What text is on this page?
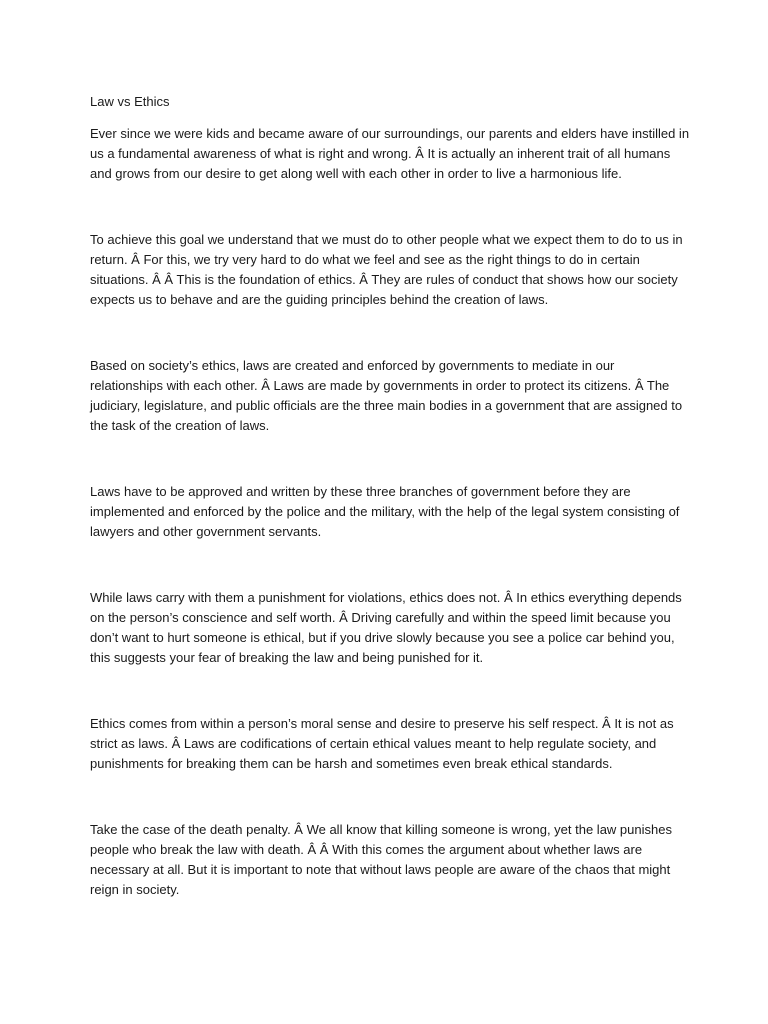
Law vs Ethics

Ever since we were kids and became aware of our surroundings, our parents and elders have instilled in us a fundamental awareness of what is right and wrong. Â It is actually an inherent trait of all humans and grows from our desire to get along well with each other in order to live a harmonious life.

To achieve this goal we understand that we must do to other people what we expect them to do to us in return. Â For this, we try very hard to do what we feel and see as the right things to do in certain situations. Â Â This is the foundation of ethics. Â They are rules of conduct that shows how our society expects us to behave and are the guiding principles behind the creation of laws.

Based on society’s ethics, laws are created and enforced by governments to mediate in our relationships with each other. Â Laws are made by governments in order to protect its citizens. Â The judiciary, legislature, and public officials are the three main bodies in a government that are assigned to the task of the creation of laws.

Laws have to be approved and written by these three branches of government before they are implemented and enforced by the police and the military, with the help of the legal system consisting of lawyers and other government servants.

While laws carry with them a punishment for violations, ethics does not. Â In ethics everything depends on the person’s conscience and self worth. Â Driving carefully and within the speed limit because you don’t want to hurt someone is ethical, but if you drive slowly because you see a police car behind you, this suggests your fear of breaking the law and being punished for it.

Ethics comes from within a person’s moral sense and desire to preserve his self respect. Â It is not as strict as laws. Â Laws are codifications of certain ethical values meant to help regulate society, and punishments for breaking them can be harsh and sometimes even break ethical standards.

Take the case of the death penalty. Â We all know that killing someone is wrong, yet the law punishes people who break the law with death. Â Â With this comes the argument about whether laws are necessary at all. But it is important to note that without laws people are aware of the chaos that might reign in society.
